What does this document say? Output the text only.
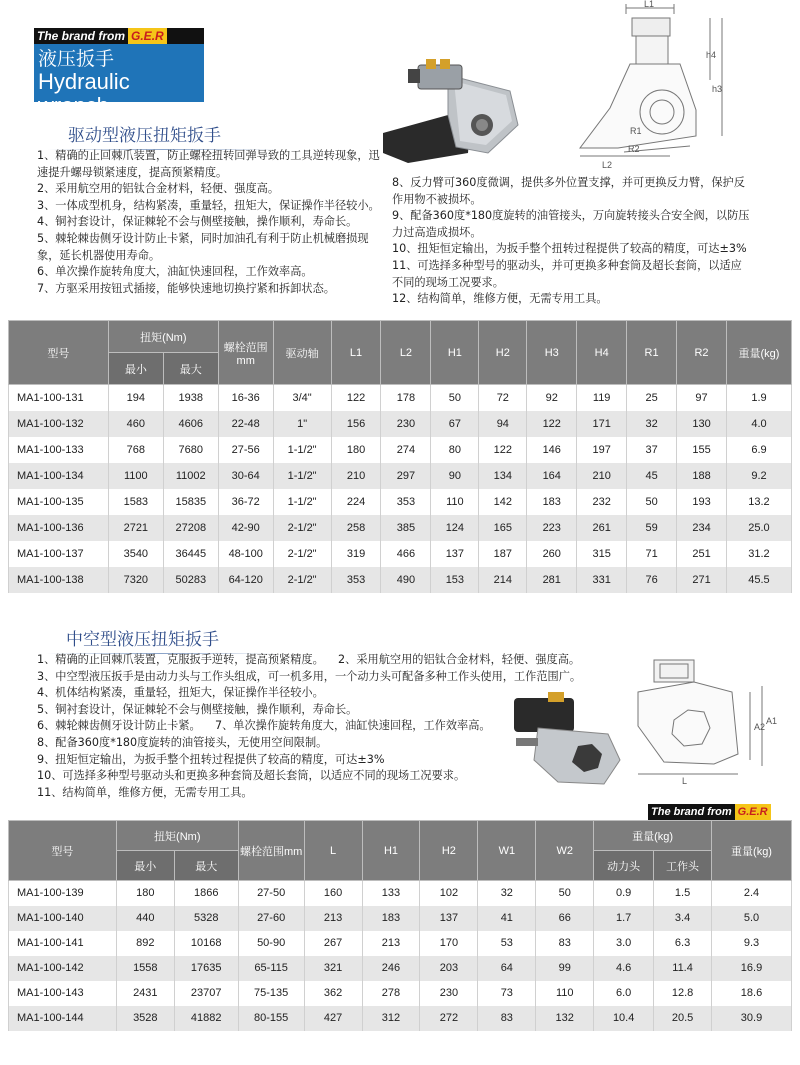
The brand from G.E.R
液压扳手
Hydraulic wrench
L1
L2
h4
h3
R1
R2
驱动型液压扭矩扳手
1、精确的止回棘爪装置，防止螺栓扭转回弹导致的工具逆转现象，迅
速提升螺母锁紧速度，提高预紧精度。
2、采用航空用的铝钛合金材料，轻便、强度高。
3、一体成型机身，结构紧凑，重量轻，扭矩大，保证操作半径较小。
4、铜衬套设计，保证棘轮不会与侧壁接触，操作顺利，寿命长。
5、棘轮棘齿侧牙设计防止卡紧，同时加油孔有利于防止机械磨损现
象，延长机器使用寿命。
6、单次操作旋转角度大，油缸快速回程，工作效率高。
7、方驱采用按钮式插接，能够快速地切换拧紧和拆卸状态。
8、反力臂可360度微调，提供多外位置支撑，并可更换反力臂，保护反
作用物不被损坏。
9、配备360度*180度旋转的油管接头，万向旋转接头合安全阀，以防压
力过高造成损坏。
10、扭矩恒定输出，为扳手整个扭转过程提供了较高的精度，可达±3%
11、可选择多种型号的驱动头，并可更换多种套筒及超长套筒，以适应
不同的现场工况要求。
12、结构简单，维修方便，无需专用工具。
型号	扭矩(Nm)		螺栓范围mm	驱动轴	L1	L2	H1	H2	H3	H4	R1	R2	重量(kg)
	最小	最大											
MA1-100-131	194	1938	16-36	3/4"	122	178	50	72	92	119	25	97	1.9
MA1-100-132	460	4606	22-48	1"	156	230	67	94	122	171	32	130	4.0
MA1-100-133	768	7680	27-56	1-1/2"	180	274	80	122	146	197	37	155	6.9
MA1-100-134	1100	11002	30-64	1-1/2"	210	297	90	134	164	210	45	188	9.2
MA1-100-135	1583	15835	36-72	1-1/2"	224	353	110	142	183	232	50	193	13.2
MA1-100-136	2721	27208	42-90	2-1/2"	258	385	124	165	223	261	59	234	25.0
MA1-100-137	3540	36445	48-100	2-1/2"	319	466	137	187	260	315	71	251	31.2
MA1-100-138	7320	50283	64-120	2-1/2"	353	490	153	214	281	331	76	271	45.5
中空型液压扭矩扳手
1、精确的止回棘爪装置，克服扳手逆转，提高预紧精度。    2、采用航空用的铝钛合金材料，轻便、强度高。
3、中空型液压扳手是由动力头与工作头组成，可一机多用，一个动力头可配备多种工作头使用，工作范围广。
4、机体结构紧凑，重量轻，扭矩大，保证操作半径较小。
5、铜衬套设计，保证棘轮不会与侧壁接触，操作顺利，寿命长。
6、棘轮棘齿侧牙设计防止卡紧。    7、单次操作旋转角度大，油缸快速回程，工作效率高。
8、配备360度*180度旋转的油管接头，无使用空间限制。
9、扭矩恒定输出，为扳手整个扭转过程提供了较高的精度，可达±3%
10、可选择多种型号驱动头和更换多种套筒及超长套筒，以适应不同的现场工况要求。
11、结构简单，维修方便，无需专用工具。
L
A2
A1
The brand from G.E.R
型号	扭矩(Nm)		螺栓范围mm	L	H1	H2	W1	W2	重量(kg)		重量(kg)
	最小	最大							动力头	工作头	
MA1-100-139	180	1866	27-50	160	133	102	32	50	0.9	1.5	2.4
MA1-100-140	440	5328	27-60	213	183	137	41	66	1.7	3.4	5.0
MA1-100-141	892	10168	50-90	267	213	170	53	83	3.0	6.3	9.3
MA1-100-142	1558	17635	65-115	321	246	203	64	99	4.6	11.4	16.9
MA1-100-143	2431	23707	75-135	362	278	230	73	110	6.0	12.8	18.6
MA1-100-144	3528	41882	80-155	427	312	272	83	132	10.4	20.5	30.9
